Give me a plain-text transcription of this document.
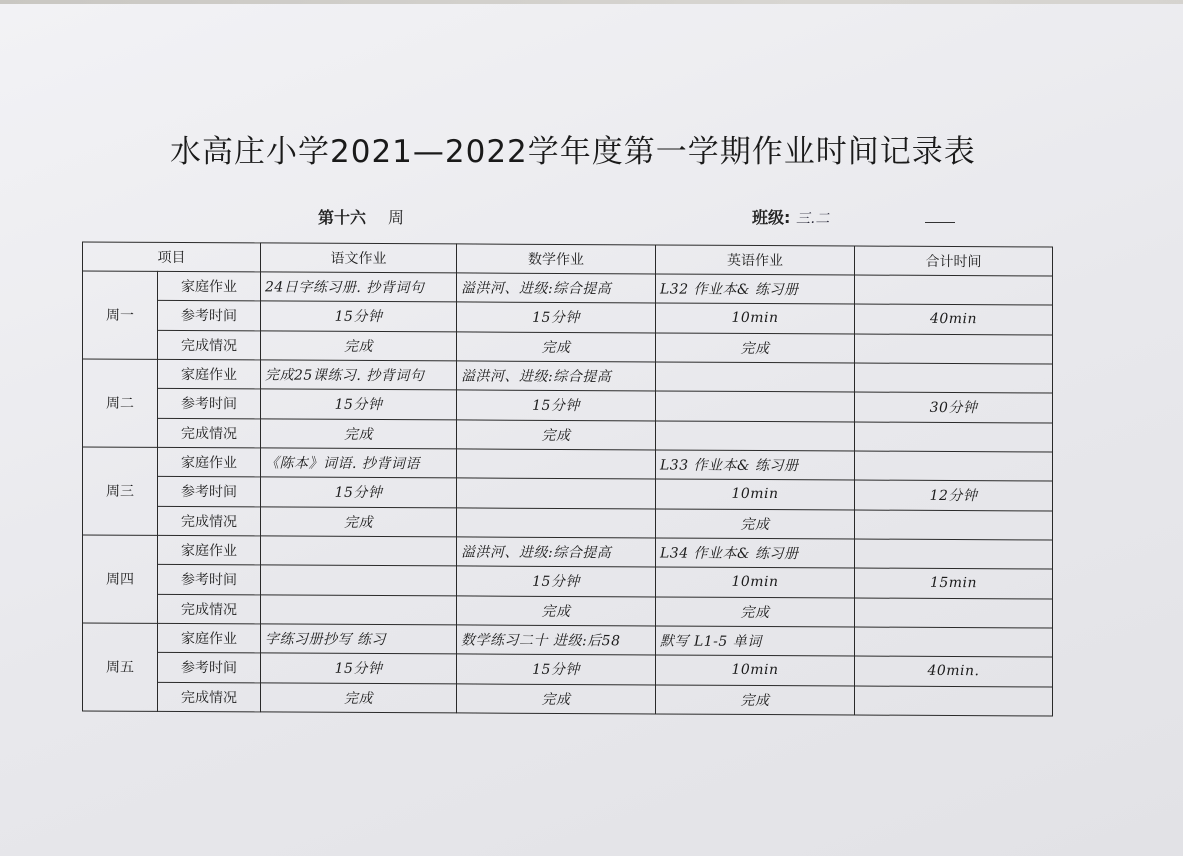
水高庄小学2021—2022学年度第一学期作业时间记录表
第十六 周	班级: 三.二
项目		语文作业	数学作业	英语作业	合计时间
周一	家庭作业	24日字练习册. 抄背词句	溢洪河、进级:综合提高	L32 作业本& 练习册	
	参考时间	15分钟	15分钟	10min	40min
	完成情况	完成	完成	完成	
周二	家庭作业	完成25课练习. 抄背词句	溢洪河、进级:综合提高		
	参考时间	15分钟	15分钟		30分钟
	完成情况	完成	完成		
周三	家庭作业	《陈本》词语. 抄背词语		L33 作业本& 练习册	
	参考时间	15分钟		10min	12分钟
	完成情况	完成		完成	
周四	家庭作业		溢洪河、进级:综合提高	L34 作业本& 练习册	
	参考时间		15分钟	10min	15min
	完成情况		完成	完成	
周五	家庭作业	字练习册抄写 练习	数学练习二十 进级:后58	默写 L1-5 单词	
	参考时间	15分钟	15分钟	10min	40min.
	完成情况	完成	完成	完成	
